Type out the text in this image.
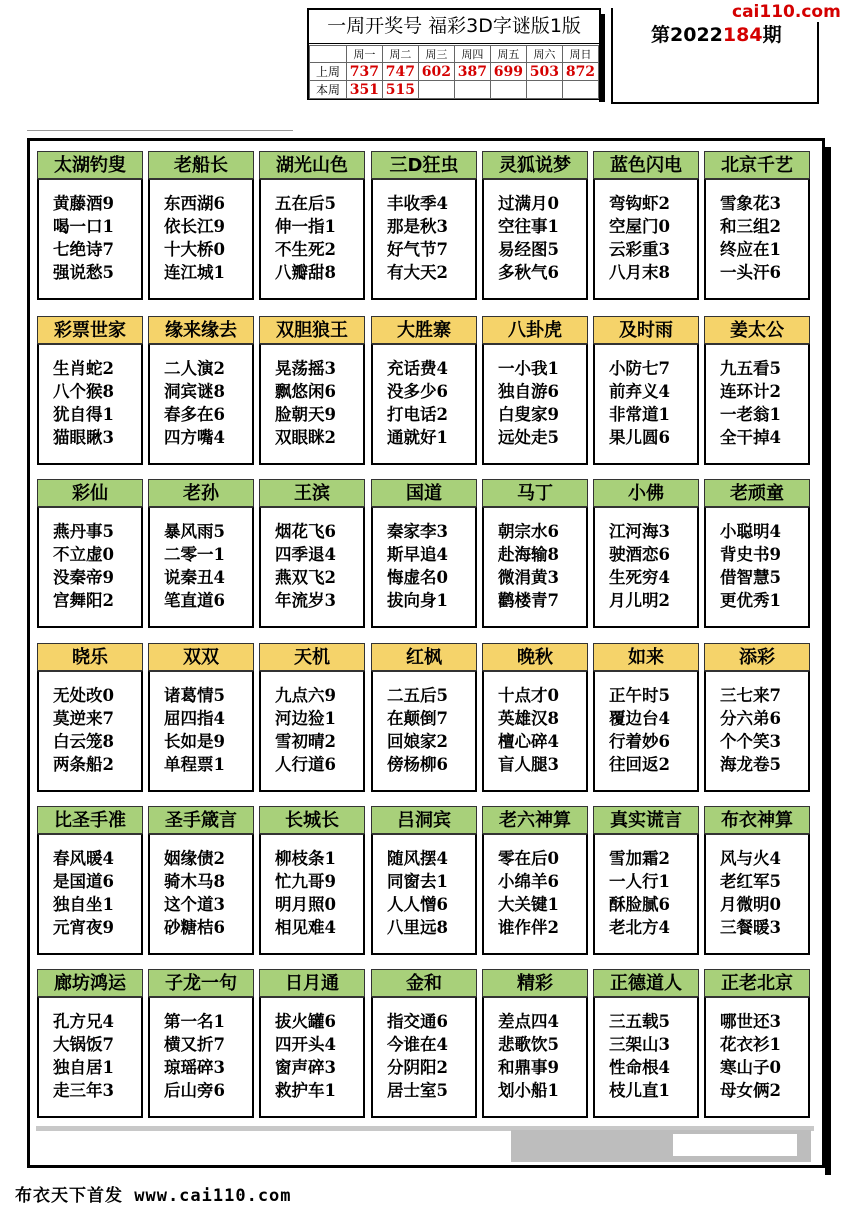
一周开奖号 福彩3D字谜版1版
	周一	周二	周三	周四	周五	周六	周日
上周	737	747	602	387	699	503	872
本周	351	515					
第2022184期
cai110.com
太湖钓叟
黄藤酒9
喝一口1
七绝诗7
强说愁5
老船长
东西湖6
依长江9
十大桥0
连江城1
湖光山色
五在后5
伸一指1
不生死2
八瓣甜8
三D狂虫
丰收季4
那是秋3
好气节7
有大天2
灵狐说梦
过满月0
空往事1
易经图5
多秋气6
蓝色闪电
弯钩虾2
空屋门0
云彩重3
八月末8
北京千艺
雪象花3
和三组2
终应在1
一头汗6
彩票世家
生肖蛇2
八个猴8
犹自得1
猫眼瞅3
缘来缘去
二人演2
洞宾谜8
春多在6
四方嘴4
双胆狼王
晃荡摇3
飘悠闲6
脸朝天9
双眼眯2
大胜寨
充话费4
没多少6
打电话2
通就好1
八卦虎
一小我1
独自游6
白叟家9
远处走5
及时雨
小防七7
前弃义4
非常道1
果儿圆6
姜太公
九五看5
连环计2
一老翁1
全干掉4
彩仙
燕丹事5
不立虚0
没秦帝9
宫舞阳2
老孙
暴风雨5
二零一1
说秦丑4
笔直道6
王滨
烟花飞6
四季退4
燕双飞2
年流岁3
国道
秦家李3
斯早追4
悔虚名0
拔向身1
马丁
朝宗水6
赴海输8
微涓黄3
鹳楼青7
小佛
江河海3
驶酒恋6
生死穷4
月儿明2
老顽童
小聪明4
背史书9
借智慧5
更优秀1
晓乐
无处改0
莫逆来7
白云笼8
两条船2
双双
诸葛情5
屈四指4
长如是9
单程票1
天机
九点六9
河边猃1
雪初晴2
人行道6
红枫
二五后5
在颠倒7
回娘家2
傍杨柳6
晚秋
十点才0
英雄汉8
檀心碎4
盲人腿3
如来
正午时5
覆边台4
行着妙6
往回返2
添彩
三七来7
分六弟6
个个笑3
海龙卷5
比圣手准
春风暖4
是国道6
独自坐1
元宵夜9
圣手箴言
姻缘债2
骑木马8
这个道3
砂糖桔6
长城长
柳枝条1
忙九哥9
明月照0
相见难4
吕洞宾
随风摆4
同窗去1
人人憎6
八里远8
老六神算
零在后0
小绵羊6
大关键1
谁作伴2
真实谎言
雪加霜2
一人行1
酥脸腻6
老北方4
布衣神算
风与火4
老红军5
月微明0
三餐暖3
廊坊鸿运
孔方兄4
大锅饭7
独自居1
走三年3
子龙一句
第一名1
横又折7
琼瑶碎3
后山旁6
日月通
拔火罐6
四开头4
窗声碎3
救护车1
金和
指交通6
今谁在4
分阴阳2
居士室5
精彩
差点四4
悲歌饮5
和鼎事9
划小船1
正德道人
三五载5
三架山3
性命根4
枝儿直1
正老北京
哪世还3
花衣衫1
寒山子0
母女俩2
布衣天下首发 www.cai110.com
